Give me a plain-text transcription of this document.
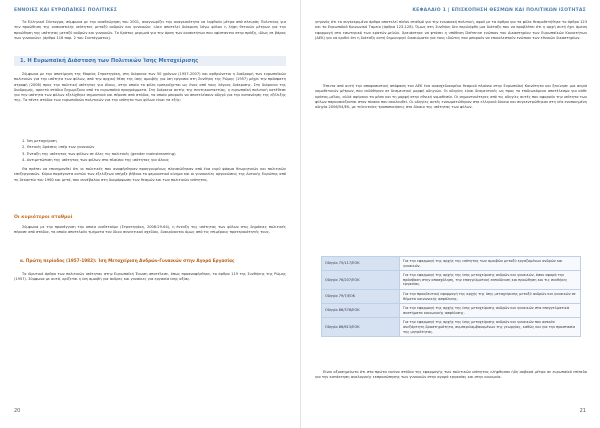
ΕΝΝΟΙΕΣ ΚΑΙ ΕΥΡΩΠΑΪΚΕΣ ΠΟΛΙΤΙΚΕΣ
Το Ελληνικό Σύνταγμα, σύμφωνα με την αναθεώρηση του 2001, αναγνωρίζει την αναγκαιότητα να ληφθούν μέτρα από πλευράς Πολιτείας για την προώθηση της ουσιαστικής ισότητας μεταξύ ανδρών και γυναικών: «Δεν αποτελεί διάκριση λόγω φύλου η λήψη θετικών μέτρων για την προώθηση της ισότητας μεταξύ ανδρών και γυναικών. Το Κράτος μεριμνά για την άρση των ανισοτήτων που υφίστανται στην πράξη, ιδίως σε βάρος των γυναικών» (άρθρο 116 παρ. 2 του Συντάγματος).
1. Η Ευρωπαϊκή Διάσταση των Πολιτικών Ίσης Μεταχείρισης
Σύμφωνα με την αποτίμηση της Μαρίας Στρατηγάκη, στη διάρκεια των 50 χρόνων (1957-2007) και αρθρώνεται η διαδρομή των ευρωπαϊκών πολιτικών για την ισότητα των φύλων, από την αρχική θέση της ίσης αμοιβής για ίση εργασία στη Συνθήκη της Ρώμης (1957) μέχρι την πρόσφατη στροφή (2006) προς την πολιτική ισότητας για όλους, στην οποία το φύλο εμπεριέχεται ως ένας από τους λόγους διάκρισης. Στη διάρκεια της διαδρομής, αρκετά στάδια ξεχωρίζουν από τα ευρωπαϊκά προγράμματα. Στη διάρκεια αυτής της πεντηκονταετίας, η ευρωπαϊκή πολιτική κατέθεσε για την ισότητα των φύλων εξελίχθηκε σημαντικά και πέρασε από στάδια, τα οποία μπορούν να αποτελέσουν οδηγό για την κατανόηση της εξέλιξης της. Τα πέντε στάδια των ευρωπαϊκών πολιτικών για την ισότητα των φύλων είναι τα εξής:
1. Ίση μεταχείριση
2. Θετικές δράσεις υπέρ των γυναικών
3. Ένταξη της ισότητας των φύλων σε όλες τις πολιτικές (gender mainstreaming)
4. Αντιμετώπιση της ισότητας των φύλων στο πλαίσιο της ισότητας για όλους
Θα πρέπει να επισημανθεί ότι οι πολιτικές που αναφέρθηκαν προηγουμένως πλαισιώθηκαν από ένα ευρύ φάσμα θεωρητικών και πολιτικών επεξεργασιών. Κύρια παράγοντα αυτών των εξελίξεων υπήρξε βέβαια το φεμινιστικό κίνημα και οι γυναικείες οργανώσεις της Δυτικής Ευρώπης από τη δεκαετία του 1960 και μετά, που συνέβαλαν στη διαμόρφωση των θεσμών και των πολιτικών ισότητας.
Οι κυριότεροι σταθμοί
Σύμφωνα με την προσέγγιση την οποία υιοθετούμε (Στρατηγάκη, 2008:29-64), η ένταξη της ισότητας των φύλων στις δημόσιες πολιτικές πέρασε από στάδια, τα οποία αποτελούν τμήματα του ίδιου συνεκτικού σχεδίου, διακρίνονται όμως από τις επιμέρους προτεραιότητές τους.
α. Πρώτη περίοδος (1957-1982): Ίση Μεταχείριση Ανδρών-Γυναικών στην Αγορά Εργασίας
Το ιδρυτικό άρθρο των πολιτικών ισότητας στην Ευρωπαϊκή Ένωση αποτέλεσε, όπως προαναφέρθηκε, το άρθρο 119 της Συνθήκης της Ρώμης (1957). Σύμφωνα με αυτό, ορίζεται η ίση αμοιβή για άνδρες και γυναίκες για εργασία ίσης αξίας.
20
ΚΕΦΑΛΑΙΟ 1 | ΕΠΙΣΚΟΠΗΣΗ ΘΕΣΜΩΝ ΚΑΙ ΠΟΛΙΤΙΚΩΝ ΙΣΟΤΗΤΑΣ
γεγονός ότι το συγκεκριμένο άρθρο αποτελεί πλέον σταθμό για την ενωσιακή πολιτική, αφού με τα άρθρα για τα φύλα θεσμοθετήθηκε το άρθρο 123 και το Ευρωπαϊκό Κοινωνικό Ταμείο (άρθρα 123-128). Όμως στη Συνθήκη δεν περιλήφθη μια διάταξη που να προβλέπει ότι η αρχή αυτή έχει άμεση εφαρμογή στο εσωτερικό των κρατών-μελών. Χρειάστηκε να φτάσει η υπόθεση Defrenne ενώπιον του Δικαστηρίου των Ευρωπαϊκών Κοινοτήτων (ΔΕΚ) για να κριθεί ότι η διάταξη αυτή δημιουργεί δικαιώματα για τους ιδιώτες που μπορούν να επικαλεστούν ενώπιον των εθνικών δικαστηρίων.
Έπειτα από αυτή την αποφασιστική απόφαση του ΔΕΚ ένα ανασχεδιασμένο θεσμικό πλαίσιο στην Ευρωπαϊκή Κοινότητα και ξεκίνησε μια σειρά νομοθετικών μέτρων, που εκδόθηκαν σε δεσμευτική μορφή οδηγιών. Οι οδηγίες είναι δεσμευτικές ως προς το επιδιωκόμενο αποτέλεσμα για κάθε κράτος-μέλος, αλλά αφήνουν τα μέσα και τη μορφή στην εθνική νομοθεσία. Οι σημαντικότερες από τις οδηγίες αυτές που αφορούν την ισότητα των φύλων παρουσιάζονται στον πίνακα που ακολουθεί. Οι οδηγίες αυτές ενσωματώθηκαν στο ελληνικό δίκαιο και συγκεντρώθηκαν στη νέα ενοποιημένη οδηγία 2006/54/ΕΚ, με τελευταίες τροποποιήσεις στο δίκαιο της ισότητας των φύλων.
Οδηγία 75/117/ΕΟΚ	Για την εφαρμογή της αρχής της ισότητας των αμοιβών μεταξύ εργαζομένων ανδρών και γυναικών.
Οδηγία 76/207/ΕΟΚ	Για την εφαρμογή της αρχής της ίσης μεταχείρισης ανδρών και γυναικών, όσον αφορά την πρόσβαση στην απασχόληση, την επαγγελματική εκπαίδευση και προώθηση και τις συνθήκες εργασίας.
Οδηγία 79/7/ΕΟΚ	Για την προοδευτική εφαρμογή της αρχής της ίσης μεταχείρισης μεταξύ ανδρών και γυναικών σε θέματα κοινωνικής ασφάλισης.
Οδηγία 86/378/ΕΟΚ	Για την εφαρμογή της αρχής της ίσης μεταχείρισης ανδρών και γυναικών στα επαγγελματικά συστήματα κοινωνικής ασφάλισης.
Οδηγία 86/613/ΕΟΚ	Για την εφαρμογή της αρχής της ίσης μεταχείρισης ανδρών και γυναικών που ασκούν ανεξάρτητη δραστηριότητα, συμπεριλαμβανομένων της γεωργίας, καθώς και για την προστασία της μητρότητας.
Είναι αξιοσημείωτο ότι στα πρώτα εκείνα στάδια της εφαρμογής των πολιτικών ισότητας ελήφθησαν ήδη σοβαρά μέτρα σε ευρωπαϊκό επίπεδο για την κατάκτηση αναλογικής εκπροσώπησης των γυναικών στην αγορά εργασίας και στην κοινωνία.
21
